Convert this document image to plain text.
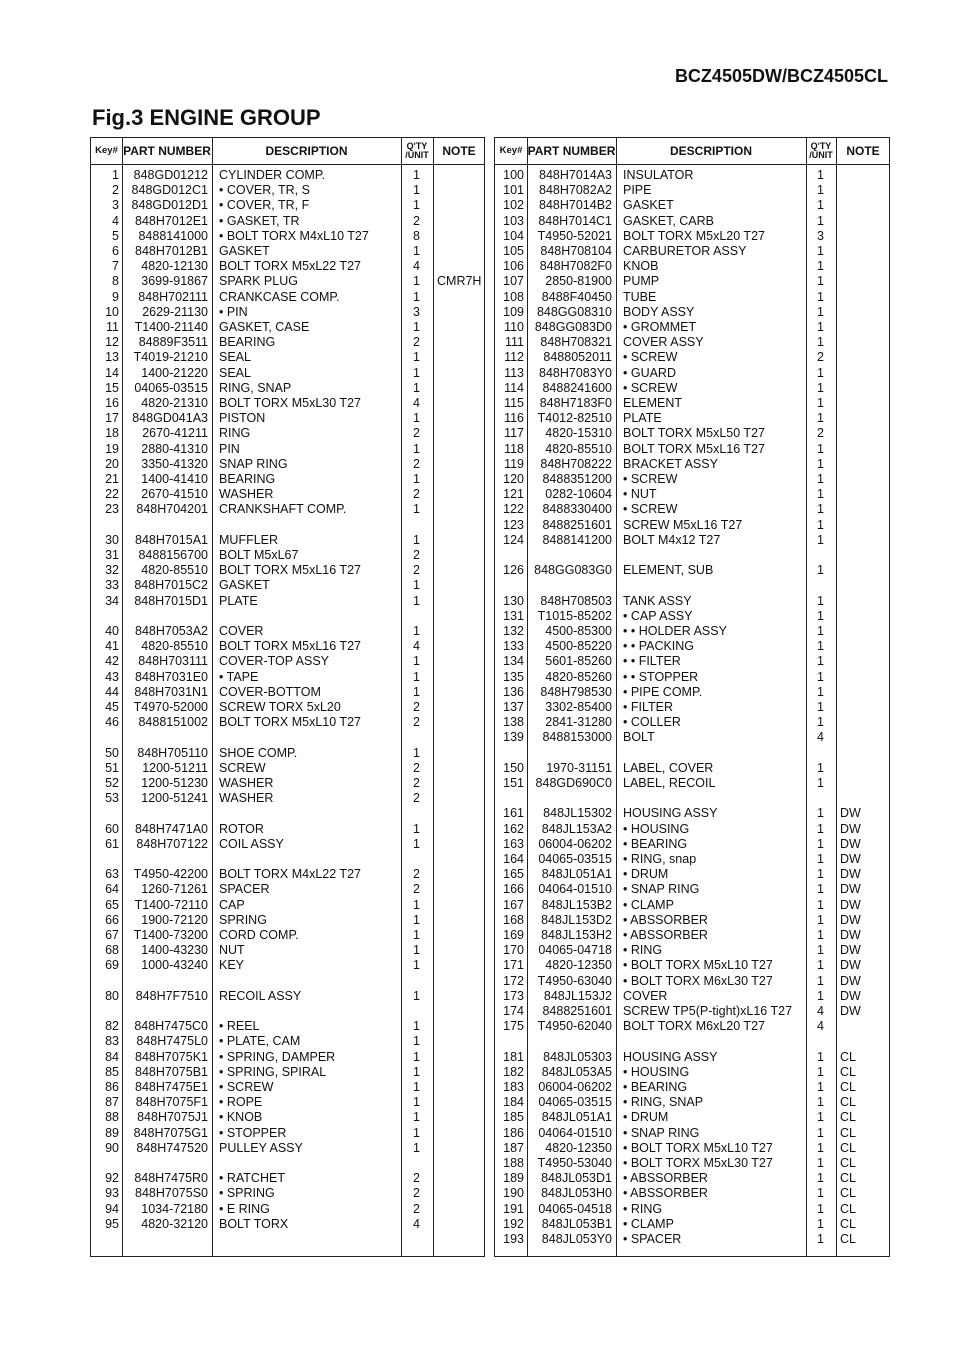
BCZ4505DW/BCZ4505CL
Fig.3 ENGINE GROUP
Key# PART NUMBER	DESCRIPTION	Q'TY
/UNIT	NOTE
1	848GD01212 CYLINDER COMP.	1
2	848GD012C1 • COVER, TR, S	1
3	848GD012D1 • COVER, TR, F	1
4	848H7012E1 • GASKET, TR	2
5	8488141000 • BOLT TORX M4xL10 T27	8
6	848H7012B1 GASKET	1
7	4820-12130 BOLT TORX M5xL22 T27	4
8	3699-91867 SPARK PLUG	1	CMR7H
9	848H702111 CRANKCASE COMP.	1
10	2629-21130 • PIN	3
11	T1400-21140 GASKET, CASE	1
12	84889F3511 BEARING	2
13	T4019-21210 SEAL	1
14	1400-21220 SEAL	1
15	04065-03515 RING, SNAP	1
16	4820-21310 BOLT TORX M5xL30 T27	4
17	848GD041A3 PISTON	1
18	2670-41211 RING	2
19	2880-41310 PIN	1
20	3350-41320 SNAP RING	2
21	1400-41410 BEARING	1
22	2670-41510 WASHER	2
23	848H704201 CRANKSHAFT COMP.	1
30	848H7015A1 MUFFLER	1
31	8488156700 BOLT M5xL67	2
32	4820-85510 BOLT TORX M5xL16 T27	2
33	848H7015C2 GASKET	1
34	848H7015D1 PLATE	1
40	848H7053A2 COVER	1
41	4820-85510 BOLT TORX M5xL16 T27	4
42	848H703111 COVER-TOP ASSY	1
43	848H7031E0 • TAPE	1
44	848H7031N1 COVER-BOTTOM	1
45	T4970-52000 SCREW TORX 5xL20	2
46	8488151002 BOLT TORX M5xL10 T27	2
50	848H705110 SHOE COMP.	1
51	1200-51211 SCREW	2
52	1200-51230 WASHER	2
53	1200-51241 WASHER	2
60	848H7471A0 ROTOR	1
61	848H707122 COIL ASSY	1
63	T4950-42200 BOLT TORX M4xL22 T27	2
64	1260-71261 SPACER	2
65	T1400-72110 CAP	1
66	1900-72120 SPRING	1
67	T1400-73200 CORD COMP.	1
68	1400-43230 NUT	1
69	1000-43240 KEY	1
80	848H7F7510 RECOIL ASSY	1
82	848H7475C0 • REEL	1
83	848H7475L0 • PLATE, CAM	1
84	848H7075K1 • SPRING, DAMPER	1
85	848H7075B1 • SPRING, SPIRAL	1
86	848H7475E1 • SCREW	1
87	848H7075F1 • ROPE	1
88	848H7075J1 • KNOB	1
89	848H7075G1 • STOPPER	1
90	848H747520 PULLEY ASSY	1
92	848H7475R0 • RATCHET	2
93	848H7075S0 • SPRING	2
94	1034-72180 • E RING	2
95	4820-32120 BOLT TORX	4
Key# PART NUMBER	DESCRIPTION	Q'TY
/UNIT	NOTE
100	848H7014A3 INSULATOR	1
101	848H7082A2 PIPE	1
102	848H7014B2 GASKET	1
103	848H7014C1 GASKET, CARB	1
104	T4950-52021 BOLT TORX M5xL20 T27	3
105	848H708104 CARBURETOR ASSY	1
106	848H7082F0 KNOB	1
107	2850-81900 PUMP	1
108	8488F40450 TUBE	1
109	848GG08310 BODY ASSY	1
110 848GG083D0 • GROMMET	1
111	848H708321 COVER ASSY	1
112	8488052011 • SCREW	2
113	848H7083Y0 • GUARD	1
114	8488241600 • SCREW	1
115	848H7183F0 ELEMENT	1
116	T4012-82510 PLATE	1
117	4820-15310 BOLT TORX M5xL50 T27	2
118	4820-85510 BOLT TORX M5xL16 T27	1
119	848H708222 BRACKET ASSY	1
120	8488351200 • SCREW	1
121	0282-10604 • NUT	1
122	8488330400 • SCREW	1
123	8488251601 SCREW M5xL16 T27	1
124	8488141200 BOLT M4x12 T27	1
126 848GG083G0 ELEMENT, SUB	1
130	848H708503 TANK ASSY	1
131	T1015-85202 • CAP ASSY	1
132	4500-85300 • • HOLDER ASSY	1
133	4500-85220 • • PACKING	1
134	5601-85260 • • FILTER	1
135	4820-85260 • • STOPPER	1
136	848H798530 • PIPE COMP.	1
137	3302-85400 • FILTER	1
138	2841-31280 • COLLER	1
139	8488153000 BOLT	4
150	1970-31151 LABEL, COVER	1
151 848GD690C0 LABEL, RECOIL	1
161	848JL15302 HOUSING ASSY	1	DW
162	848JL153A2 • HOUSING	1	DW
163	06004-06202 • BEARING	1	DW
164	04065-03515 • RING, snap	1	DW
165	848JL051A1 • DRUM	1	DW
166	04064-01510 • SNAP RING	1	DW
167	848JL153B2 • CLAMP	1	DW
168	848JL153D2 • ABSSORBER	1	DW
169	848JL153H2 • ABSSORBER	1	DW
170	04065-04718 • RING	1	DW
171	4820-12350 • BOLT TORX M5xL10 T27	1	DW
172	T4950-63040 • BOLT TORX M6xL30 T27	1	DW
173	848JL153J2 COVER	1	DW
174	8488251601 SCREW TP5(P-tight)xL16 T27	4	DW
175	T4950-62040 BOLT TORX M6xL20 T27	4
181	848JL05303 HOUSING ASSY	1	CL
182	848JL053A5 • HOUSING	1	CL
183	06004-06202 • BEARING	1	CL
184	04065-03515 • RING, SNAP	1	CL
185	848JL051A1 • DRUM	1	CL
186	04064-01510 • SNAP RING	1	CL
187	4820-12350 • BOLT TORX M5xL10 T27	1	CL
188	T4950-53040 • BOLT TORX M5xL30 T27	1	CL
189	848JL053D1 • ABSSORBER	1	CL
190	848JL053H0 • ABSSORBER	1	CL
191	04065-04518 • RING	1	CL
192	848JL053B1 • CLAMP	1	CL
193	848JL053Y0 • SPACER	1	CL
